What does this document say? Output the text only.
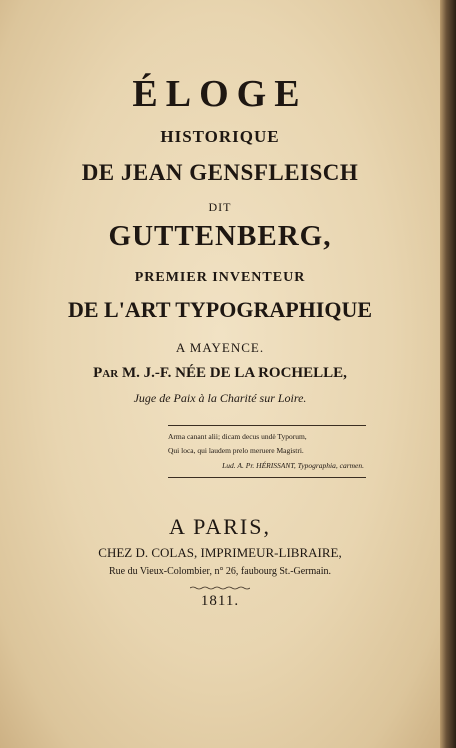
ÉLOGE
HISTORIQUE
DE JEAN GENSFLEISCH
DIT
GUTTENBERG,
PREMIER INVENTEUR
DE L'ART TYPOGRAPHIQUE
A MAYENCE.
Par M. J.-F. NÉE DE LA ROCHELLE,
Juge de Paix à la Charité sur Loire.
Arma canant alii; dicam decus undè Typorum,
Qui loca, qui laudem prelo meruere Magistri.
Lud. A. Pr. HÉRISSANT, Typographia, carmen.
A PARIS,
CHEZ D. COLAS, IMPRIMEUR-LIBRAIRE,
Rue du Vieux-Colombier, n° 26, faubourg St.-Germain.
1811.
